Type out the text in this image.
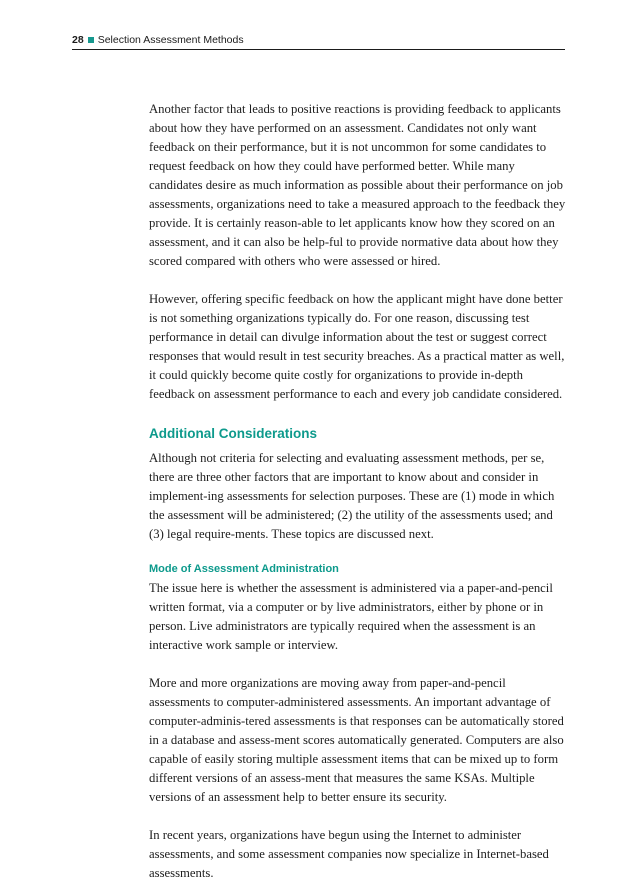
28 Selection Assessment Methods

Another factor that leads to positive reactions is providing feedback to applicants about how they have performed on an assessment. Candidates not only want feedback on their performance, but it is not uncommon for some candidates to request feedback on how they could have performed better. While many candidates desire as much information as possible about their performance on job assessments, organizations need to take a measured approach to the feedback they provide. It is certainly reason-able to let applicants know how they scored on an assessment, and it can also be help-ful to provide normative data about how they scored compared with others who were assessed or hired.

However, offering specific feedback on how the applicant might have done better is not something organizations typically do. For one reason, discussing test performance in detail can divulge information about the test or suggest correct responses that would result in test security breaches. As a practical matter as well, it could quickly become quite costly for organizations to provide in-depth feedback on assessment performance to each and every job candidate considered.

Additional Considerations

Although not criteria for selecting and evaluating assessment methods, per se, there are three other factors that are important to know about and consider in implement-ing assessments for selection purposes. These are (1) mode in which the assessment will be administered; (2) the utility of the assessments used; and (3) legal require-ments. These topics are discussed next.

Mode of Assessment Administration

The issue here is whether the assessment is administered via a paper-and-pencil written format, via a computer or by live administrators, either by phone or in person. Live administrators are typically required when the assessment is an interactive work sample or interview.

More and more organizations are moving away from paper-and-pencil assessments to computer-administered assessments. An important advantage of computer-adminis-tered assessments is that responses can be automatically stored in a database and assess-ment scores automatically generated. Computers are also capable of easily storing multiple assessment items that can be mixed up to form different versions of an assess-ment that measures the same KSAs. Multiple versions of an assessment help to better ensure its security.

In recent years, organizations have begun using the Internet to administer assessments, and some assessment companies now specialize in Internet-based assessments.
